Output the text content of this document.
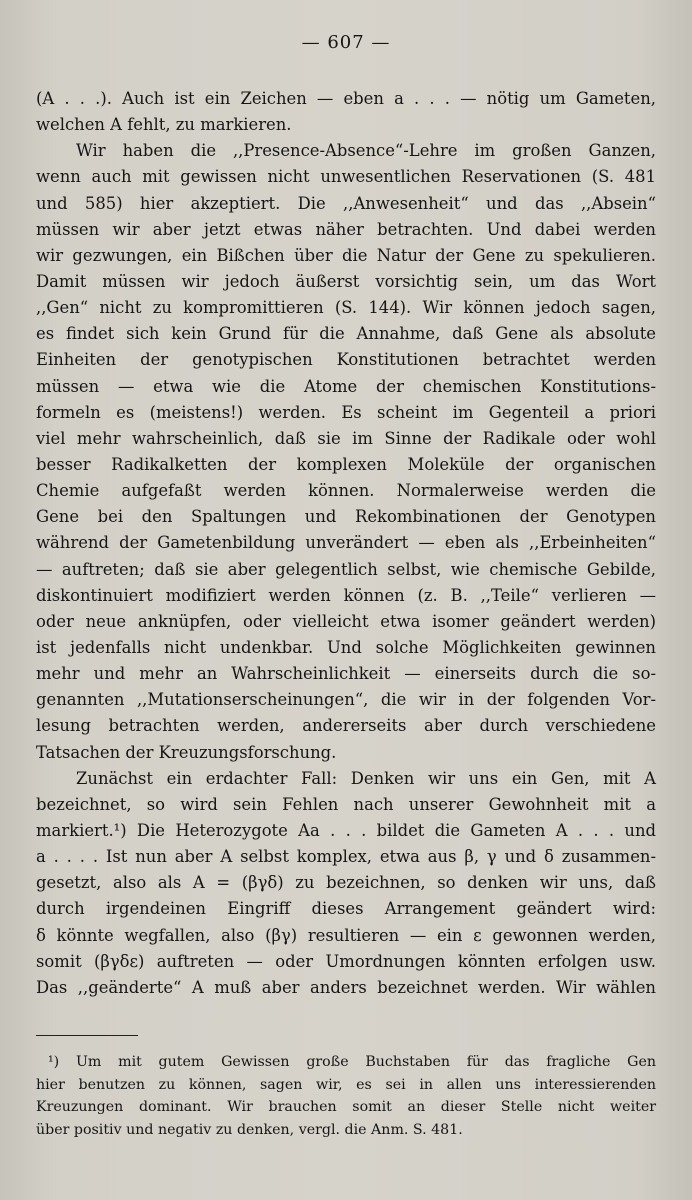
— 607 —
(A . . .). Auch ist ein Zeichen — eben a . . . — nötig um Gameten,
welchen A fehlt, zu markieren.
Wir haben die ,,Presence-Absence“-Lehre im großen Ganzen,
wenn auch mit gewissen nicht unwesentlichen Reservationen (S. 481
und 585) hier akzeptiert. Die ,,Anwesenheit“ und das ,,Absein“
müssen wir aber jetzt etwas näher betrachten. Und dabei werden
wir gezwungen, ein Bißchen über die Natur der Gene zu spekulieren.
Damit müssen wir jedoch äußerst vorsichtig sein, um das Wort
,,Gen“ nicht zu kompromittieren (S. 144). Wir können jedoch sagen,
es findet sich kein Grund für die Annahme, daß Gene als absolute
Einheiten der genotypischen Konstitutionen betrachtet werden
müssen — etwa wie die Atome der chemischen Konstitutions-
formeln es (meistens!) werden. Es scheint im Gegenteil a priori
viel mehr wahrscheinlich, daß sie im Sinne der Radikale oder wohl
besser Radikalketten der komplexen Moleküle der organischen
Chemie aufgefaßt werden können. Normalerweise werden die
Gene bei den Spaltungen und Rekombinationen der Genotypen
während der Gametenbildung unverändert — eben als ,,Erbeinheiten“
— auftreten; daß sie aber gelegentlich selbst, wie chemische Gebilde,
diskontinuiert modifiziert werden können (z. B. ,,Teile“ verlieren —
oder neue anknüpfen, oder vielleicht etwa isomer geändert werden)
ist jedenfalls nicht undenkbar. Und solche Möglichkeiten gewinnen
mehr und mehr an Wahrscheinlichkeit — einerseits durch die so-
genannten ,,Mutationserscheinungen“, die wir in der folgenden Vor-
lesung betrachten werden, andererseits aber durch verschiedene
Tatsachen der Kreuzungsforschung.
Zunächst ein erdachter Fall: Denken wir uns ein Gen, mit A
bezeichnet, so wird sein Fehlen nach unserer Gewohnheit mit a
markiert.¹) Die Heterozygote Aa . . . bildet die Gameten A . . . und
a . . . . Ist nun aber A selbst komplex, etwa aus β, γ und δ zusammen-
gesetzt, also als A = (βγδ) zu bezeichnen, so denken wir uns, daß
durch irgendeinen Eingriff dieses Arrangement geändert wird:
δ könnte wegfallen, also (βγ) resultieren — ein ε gewonnen werden,
somit (βγδε) auftreten — oder Umordnungen könnten erfolgen usw.
Das ,,geänderte“ A muß aber anders bezeichnet werden. Wir wählen
¹) Um mit gutem Gewissen große Buchstaben für das fragliche Gen
hier benutzen zu können, sagen wir, es sei in allen uns interessierenden
Kreuzungen dominant. Wir brauchen somit an dieser Stelle nicht weiter
über positiv und negativ zu denken, vergl. die Anm. S. 481.
